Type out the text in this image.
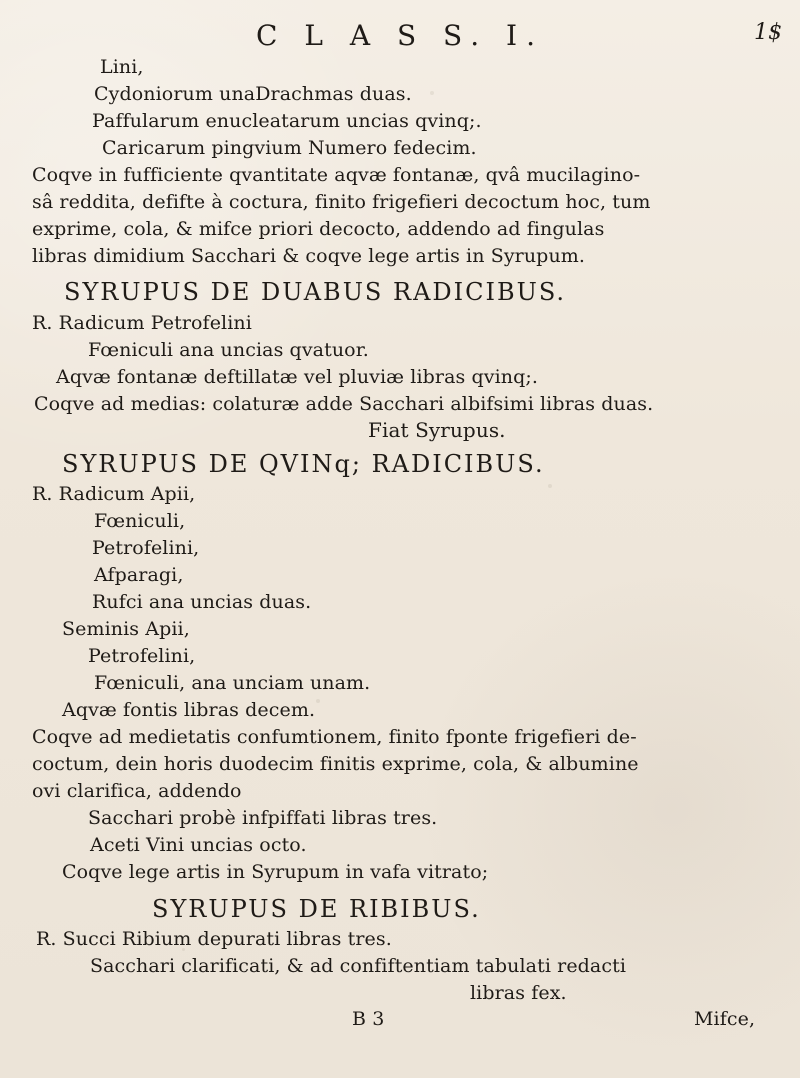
C L A S S. I.	1$
Lini,
Cydoniorum unaDrachmas duas.
Paffularum enucleatarum uncias qvinq;.
Caricarum pingvium Numero fedecim.
Coqve in fufficiente qvantitate aqvæ fontanæ, qvâ mucilagino-
sâ reddita, defifte à coctura, finito frigefieri decoctum hoc, tum
exprime, cola, & mifce priori decocto, addendo ad fingulas
libras dimidium Sacchari & coqve lege artis in Syrupum.
SYRUPUS DE DUABUS RADICIBUS.
R. Radicum Petrofelini
Fœniculi ana uncias qvatuor.
Aqvæ fontanæ deftillatæ vel pluviæ libras qvinq;.
Coqve ad medias: colaturæ adde Sacchari albifsimi libras duas.
Fiat Syrupus.
SYRUPUS DE QVINq; RADICIBUS.
R. Radicum Apii,
Fœniculi,
Petrofelini,
Afparagi,
Rufci ana uncias duas.
Seminis Apii,
Petrofelini,
Fœniculi, ana unciam unam.
Aqvæ fontis libras decem.
Coqve ad medietatis confumtionem, finito fponte frigefieri de-
coctum, dein horis duodecim finitis exprime, cola, & albumine
ovi clarifica, addendo
Sacchari probè infpiffati libras tres.
Aceti Vini uncias octo.
Coqve lege artis in Syrupum in vafa vitrato;
SYRUPUS DE RIBIBUS.
R. Succi Ribium depurati libras tres.
Sacchari clarificati, & ad confiftentiam tabulati redacti
libras fex.
B 3	Mifce,
